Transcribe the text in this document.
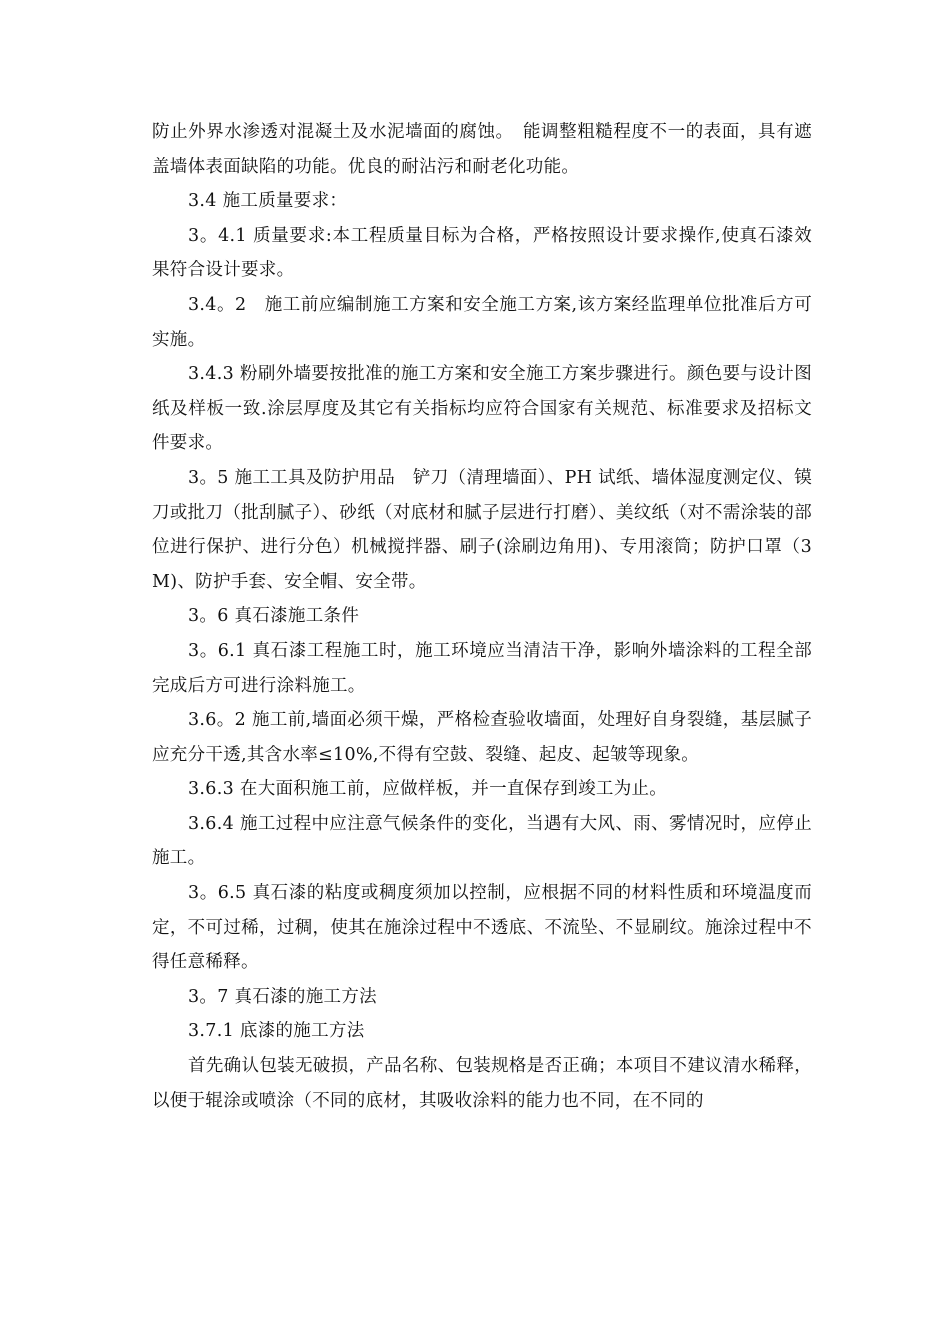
防止外界水渗透对混凝土及水泥墙面的腐蚀。　能调整粗糙程度不一的表面，具有遮盖墙体表面缺陷的功能。优良的耐沾污和耐老化功能。

3.4 施工质量要求：

3。4.1 质量要求:本工程质量目标为合格，严格按照设计要求操作,使真石漆效果符合设计要求。

3.4。2　施工前应编制施工方案和安全施工方案,该方案经监理单位批准后方可实施。

3.4.3 粉刷外墙要按批准的施工方案和安全施工方案步骤进行。颜色要与设计图纸及样板一致.涂层厚度及其它有关指标均应符合国家有关规范、标准要求及招标文件要求。

3。5 施工工具及防护用品　铲刀（清理墙面）、PH 试纸、墙体湿度测定仪、镆刀或批刀（批刮腻子）、砂纸（对底材和腻子层进行打磨）、美纹纸（对不需涂装的部位进行保护、进行分色）机械搅拌器、刷子(涂刷边角用)、专用滚筒；防护口罩（3M)、防护手套、安全帽、安全带。

3。6 真石漆施工条件

3。6.1 真石漆工程施工时，施工环境应当清洁干净，影响外墙涂料的工程全部完成后方可进行涂料施工。

3.6。2 施工前,墙面必须干燥，严格检查验收墙面，处理好自身裂缝，基层腻子应充分干透,其含水率≤10%,不得有空鼓、裂缝、起皮、起皱等现象。

3.6.3 在大面积施工前，应做样板，并一直保存到竣工为止。

3.6.4 施工过程中应注意气候条件的变化，当遇有大风、雨、雾情况时，应停止施工。

3。6.5 真石漆的粘度或稠度须加以控制，应根据不同的材料性质和环境温度而定，不可过稀，过稠，使其在施涂过程中不透底、不流坠、不显刷纹。施涂过程中不得任意稀释。

3。7 真石漆的施工方法

3.7.1 底漆的施工方法

首先确认包装无破损，产品名称、包装规格是否正确；本项目不建议清水稀释，以便于辊涂或喷涂（不同的底材，其吸收涂料的能力也不同，在不同的
